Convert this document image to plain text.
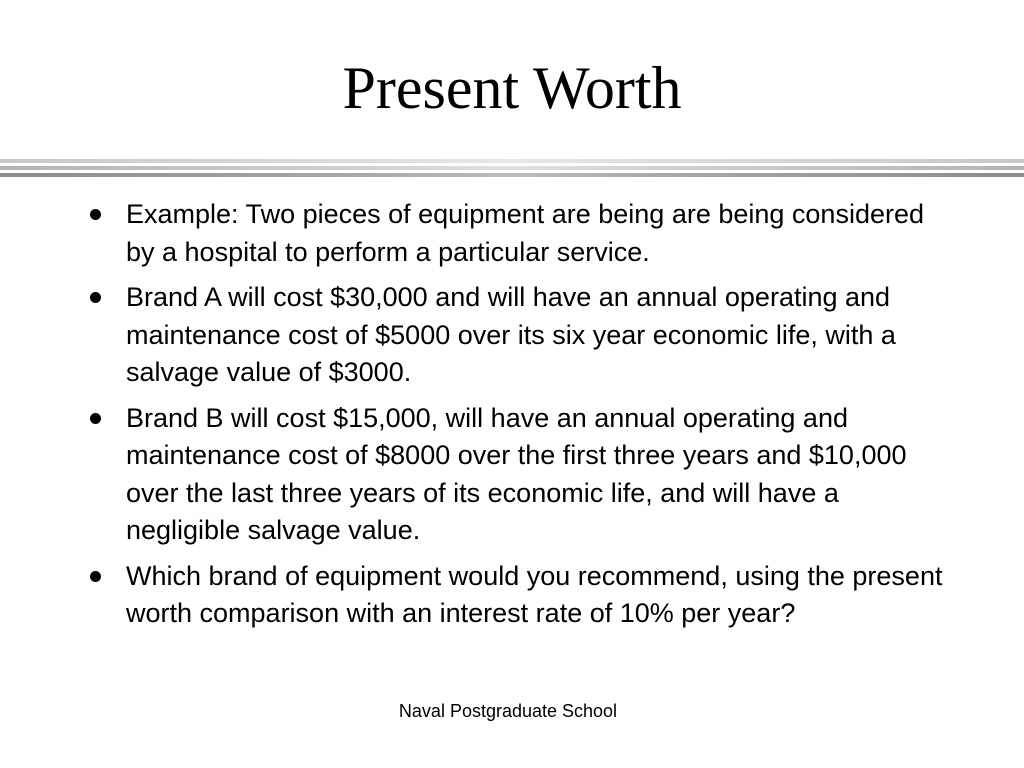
Present Worth
Example: Two pieces of equipment are being are being considered by a hospital to perform a particular service.
Brand A will cost $30,000 and will have an annual operating and maintenance cost of $5000 over its six year economic life, with a salvage value of $3000.
Brand B will cost $15,000, will have an annual operating and maintenance cost of $8000 over the first three years and $10,000 over the last three years of its economic life, and will have a negligible salvage value.
Which brand of equipment would you recommend, using the present worth comparison with an interest rate of 10% per year?
Naval Postgraduate School
